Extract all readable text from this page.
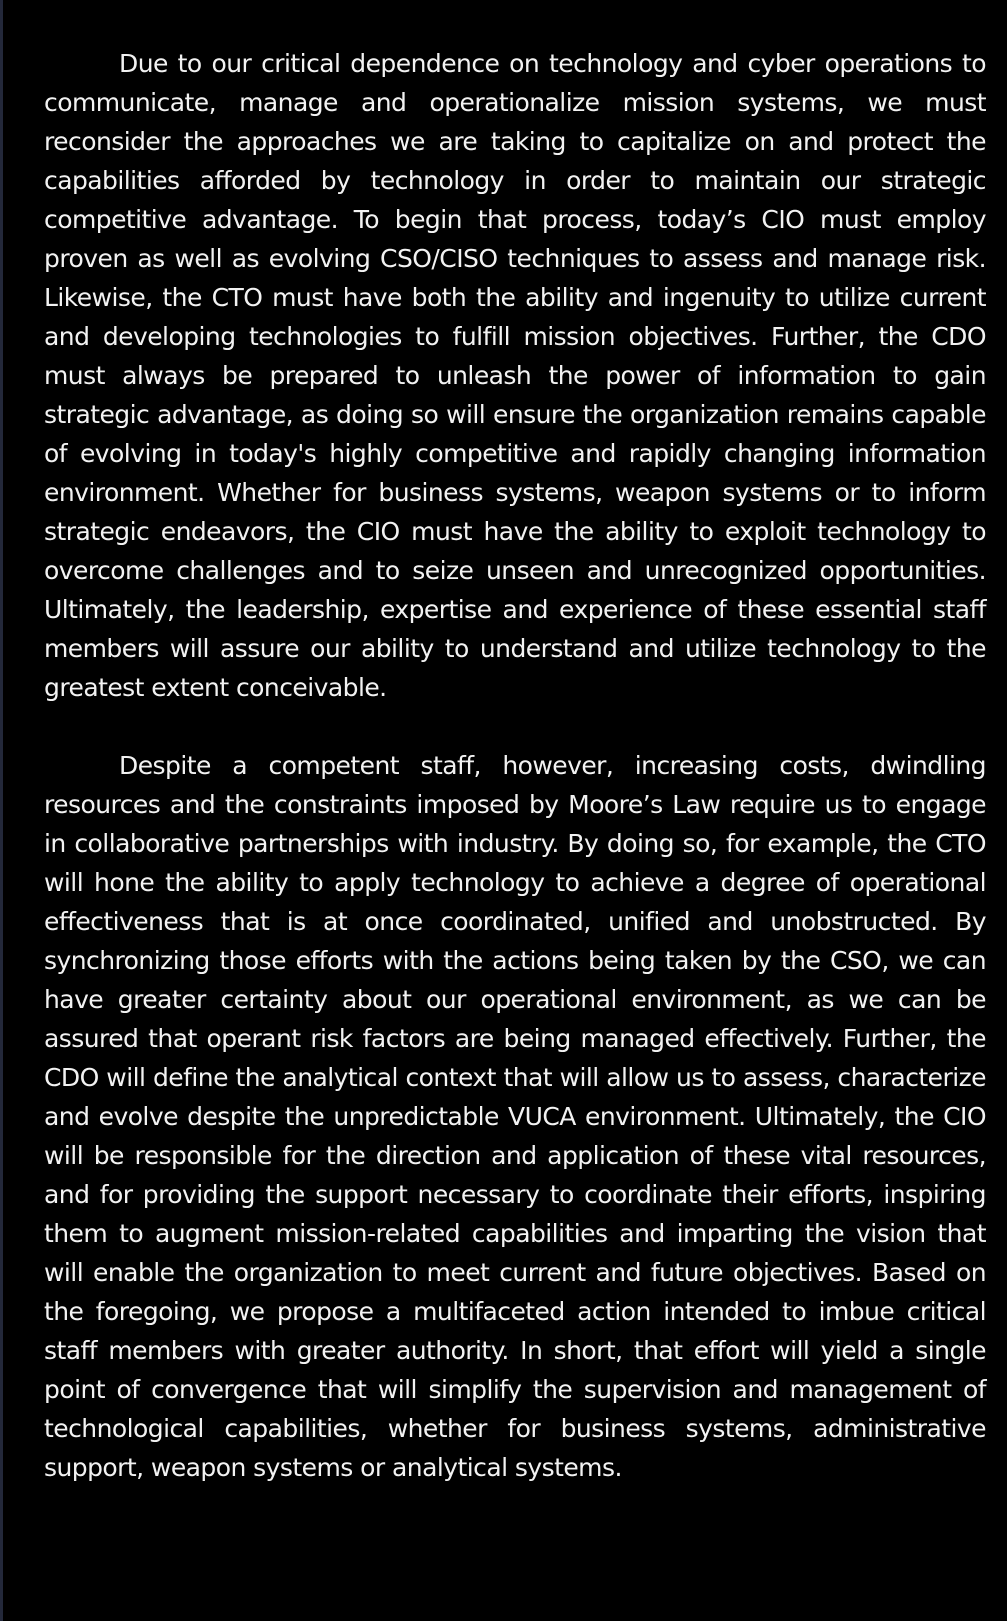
Due to our critical dependence on technology and cyber operations to communicate, manage and operationalize mission systems, we must reconsider the approaches we are taking to capitalize on and protect the capabilities afforded by technology in order to maintain our strategic competitive advantage. To begin that process, today’s CIO must employ proven as well as evolving CSO/CISO techniques to assess and manage risk. Likewise, the CTO must have both the ability and ingenuity to utilize current and developing technologies to fulfill mission objectives. Further, the CDO must always be prepared to unleash the power of information to gain strategic advantage, as doing so will ensure the organization remains capable of evolving in today's highly competitive and rapidly changing information environment. Whether for business systems, weapon systems or to inform strategic endeavors, the CIO must have the ability to exploit technology to overcome challenges and to seize unseen and unrecognized opportunities. Ultimately, the leadership, expertise and experience of these essential staff members will assure our ability to understand and utilize technology to the greatest extent conceivable.

Despite a competent staff, however, increasing costs, dwindling resources and the constraints imposed by Moore’s Law require us to engage in collaborative partnerships with industry. By doing so, for example, the CTO will hone the ability to apply technology to achieve a degree of operational effectiveness that is at once coordinated, unified and unobstructed. By synchronizing those efforts with the actions being taken by the CSO, we can have greater certainty about our operational environment, as we can be assured that operant risk factors are being managed effectively. Further, the CDO will define the analytical context that will allow us to assess, characterize and evolve despite the unpredictable VUCA environment. Ultimately, the CIO will be responsible for the direction and application of these vital resources, and for providing the support necessary to coordinate their efforts, inspiring them to augment mission-related capabilities and imparting the vision that will enable the organization to meet current and future objectives. Based on the foregoing, we propose a multifaceted action intended to imbue critical staff members with greater authority. In short, that effort will yield a single point of convergence that will simplify the supervision and management of technological capabilities, whether for business systems, administrative support, weapon systems or analytical systems.
